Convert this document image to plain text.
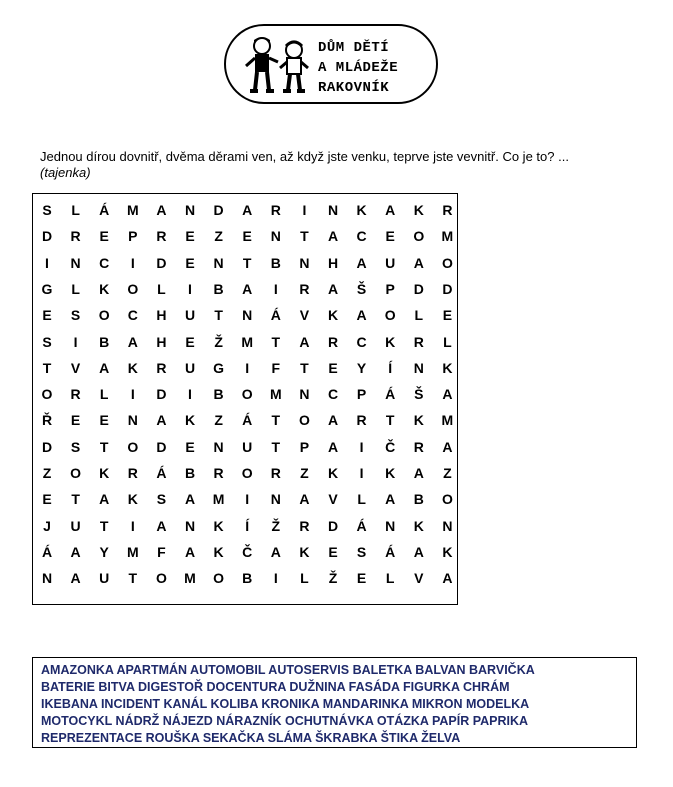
DŮM DĚTÍ
A MLÁDEŽE
RAKOVNÍK
Jednou dírou dovnitř, dvěma děrami ven, až když jste venku, teprve jste vevnitř. Co je to? ...(tajenka)
S L Á M A N D A R	I	N K A K R
D R E P R E Z E N T A C E O M
I	N C	I	D E N T B N H A U A O
G L K O L	I	B A	I	R A Š P D D
E S O C H U T N Á V K A O L E
S	I	B A H E Ž M T A R C K R L
T V A K R U G	I	F T E Y	Í	N K
O R L	I	D	I	B O M N C P Á Š A
Ř E E N A K Z Á T O A R T K M
D S T O D E N U T P A	I	Č R A
Z O K R Á B R O R Z K	I	K A Z
E T A K S A M	I	N A V L A B O
J U T	I	A N K	Í	Ž R D Á N K N
Á A Y M F A K Č A K E S Á A K
N A U T O M O B	I	L Ž E L V A
AMAZONKA APARTMÁN AUTOMOBIL AUTOSERVIS BALETKA BALVAN BARVIČKA
BATERIE BITVA DIGESTOŘ DOCENTURA DUŽNINA FASÁDA FIGURKA CHRÁM
IKEBANA INCIDENT KANÁL KOLIBA KRONIKA MANDARINKA MIKRON MODELKA
MOTOCYKL NÁDRŽ NÁJEZD NÁRAZNÍK OCHUTNÁVKA OTÁZKA PAPÍR PAPRIKA
REPREZENTACE ROUŠKA SEKAČKA SLÁMA ŠKRABKA ŠTIKA ŽELVA
